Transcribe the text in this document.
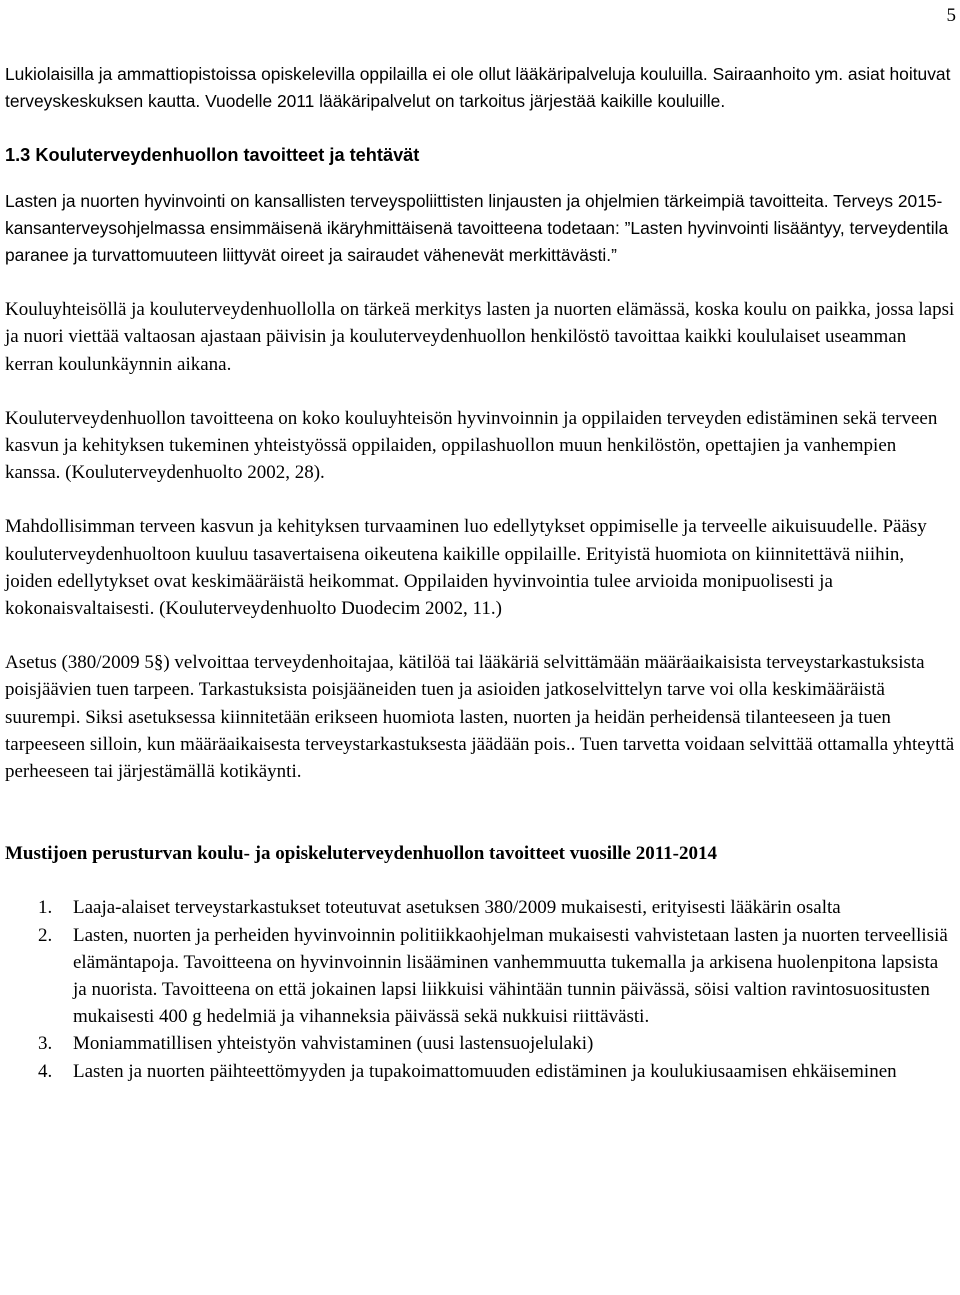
5

Lukiolaisilla ja ammattiopistoissa opiskelevilla oppilailla ei ole ollut lääkäripalveluja kouluilla. Sairaanhoito ym. asiat hoituvat terveyskeskuksen kautta. Vuodelle 2011 lääkäripalvelut on tarkoitus järjestää kaikille kouluille.

1.3 Kouluterveydenhuollon tavoitteet ja tehtävät

Lasten ja nuorten hyvinvointi on kansallisten terveyspoliittisten linjausten ja ohjelmien tärkeimpiä tavoitteita. Terveys 2015-kansanterveysohjelmassa ensimmäisenä ikäryhmittäisenä tavoitteena todetaan: ”Lasten hyvinvointi lisääntyy, terveydentila paranee ja turvattomuuteen liittyvät oireet ja sairaudet vähenevät merkittävästi.”

Kouluyhteisöllä ja kouluterveydenhuollolla on tärkeä merkitys lasten ja nuorten elämässä, koska koulu on paikka, jossa lapsi ja nuori viettää valtaosan ajastaan päivisin ja kouluterveydenhuollon henkilöstö tavoittaa kaikki koululaiset useamman kerran koulunkäynnin aikana.

Kouluterveydenhuollon tavoitteena on koko kouluyhteisön hyvinvoinnin ja oppilaiden terveyden edistäminen sekä terveen kasvun ja kehityksen tukeminen yhteistyössä oppilaiden, oppilashuollon muun henkilöstön, opettajien ja vanhempien kanssa. (Kouluterveydenhuolto 2002, 28).

Mahdollisimman terveen kasvun ja kehityksen turvaaminen luo edellytykset oppimiselle ja terveelle aikuisuudelle. Pääsy kouluterveydenhuoltoon kuuluu tasavertaisena oikeutena kaikille oppilaille. Erityistä huomiota on kiinnitettävä niihin, joiden edellytykset ovat keskimääräistä heikommat. Oppilaiden hyvinvointia tulee arvioida monipuolisesti ja kokonaisvaltaisesti. (Kouluterveydenhuolto Duodecim 2002, 11.)

Asetus (380/2009 5§) velvoittaa terveydenhoitajaa, kätilöä tai lääkäriä selvittämään määräaikaisista terveystarkastuksista poisjäävien tuen tarpeen. Tarkastuksista poisjääneiden tuen ja asioiden jatkoselvittelyn tarve voi olla keskimääräistä suurempi. Siksi asetuksessa kiinnitetään erikseen huomiota lasten, nuorten ja heidän perheidensä tilanteeseen ja tuen tarpeeseen silloin, kun määräaikaisesta terveystarkastuksesta jäädään pois.. Tuen tarvetta voidaan selvittää ottamalla yhteyttä perheeseen tai järjestämällä kotikäynti.

Mustijoen perusturvan koulu- ja opiskeluterveydenhuollon tavoitteet vuosille 2011-2014
1. Laaja-alaiset terveystarkastukset toteutuvat asetuksen 380/2009 mukaisesti, erityisesti lääkärin osalta
2. Lasten, nuorten ja perheiden hyvinvoinnin politiikkaohjelman mukaisesti vahvistetaan lasten ja nuorten terveellisiä elämäntapoja. Tavoitteena on hyvinvoinnin lisääminen vanhemmuutta tukemalla ja arkisena huolenpitona lapsista ja nuorista. Tavoitteena on että jokainen lapsi liikkuisi vähintään tunnin päivässä, söisi valtion ravintosuositusten mukaisesti 400 g hedelmiä ja vihanneksia päivässä sekä nukkuisi riittävästi.
3. Moniammatillisen yhteistyön vahvistaminen (uusi lastensuojelulaki)
4. Lasten ja nuorten päihteettömyyden ja tupakoimattomuuden edistäminen ja koulukiusaamisen ehkäiseminen
